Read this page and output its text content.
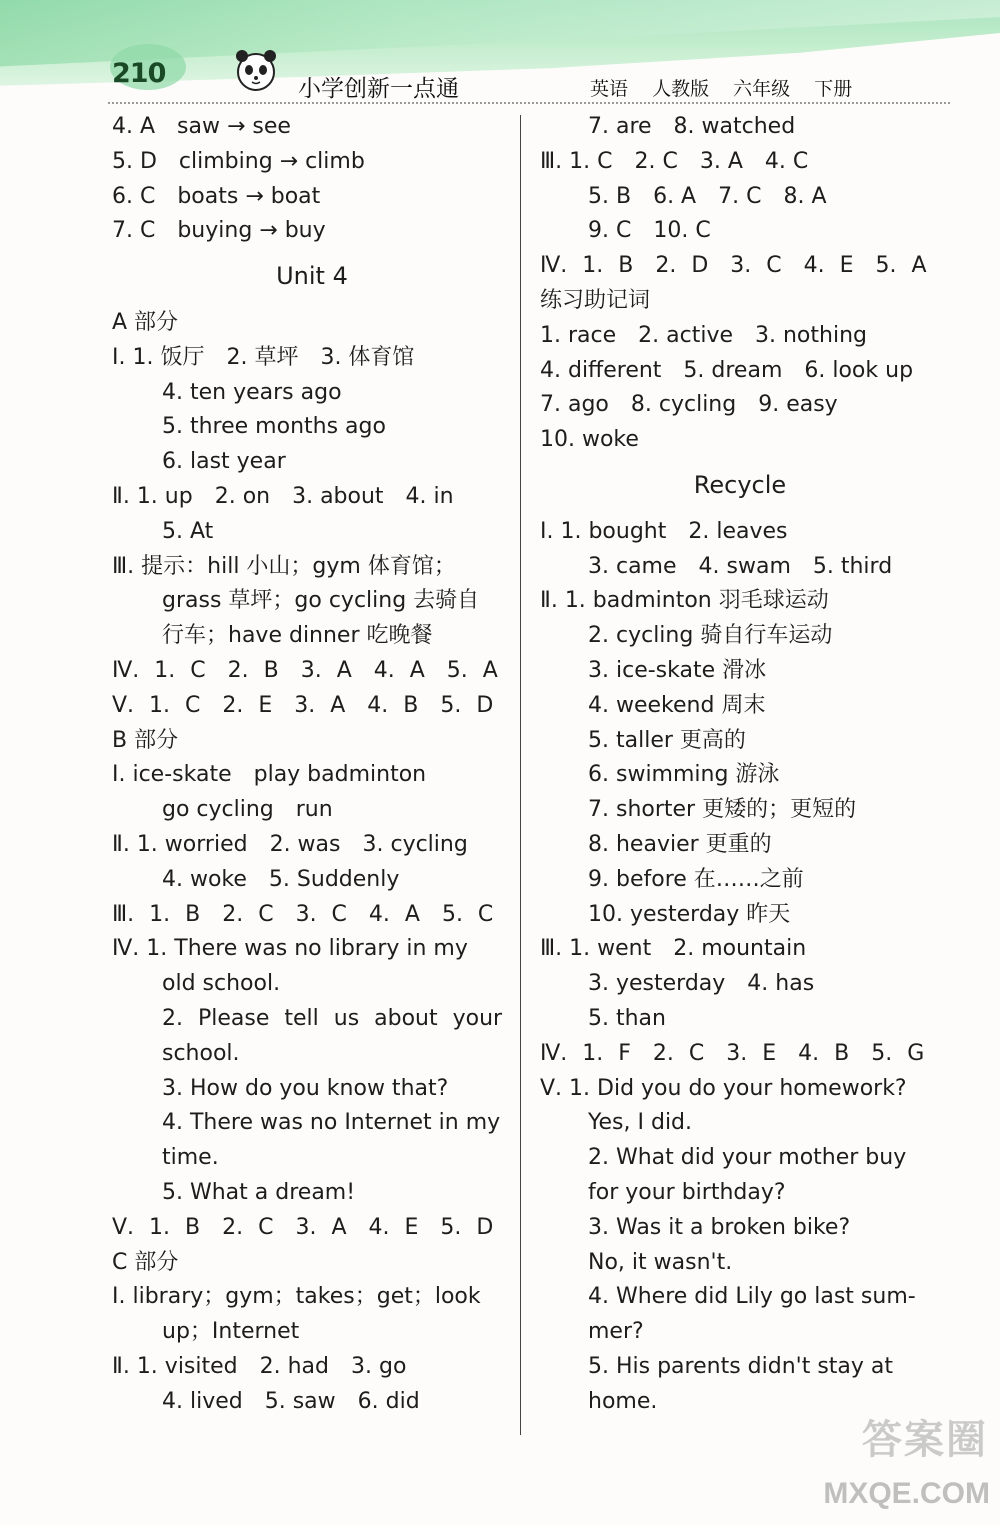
210	小学创新一点通	英语 人教版 六年级 下册
4. A　saw → see
5. D　climbing → climb
6. C　boats → boat
7. C　buying → buy
Unit 4
A 部分
Ⅰ. 1. 饭厅　2. 草坪　3. 体育馆
4. ten years ago
5. three months ago
6. last year
Ⅱ. 1. up　2. on　3. about　4. in
5. At
Ⅲ. 提示：hill 小山；gym 体育馆；
grass 草坪；go cycling 去骑自
行车；have dinner 吃晚餐
Ⅳ. 1. C　2. B　3. A　4. A　5. A
Ⅴ. 1. C　2. E　3. A　4. B　5. D
B 部分
Ⅰ. ice-skate　play badminton
go cycling　run
Ⅱ. 1. worried　2. was　3. cycling
4. woke　5. Suddenly
Ⅲ. 1. B　2. C　3. C　4. A　5. C
Ⅳ. 1. There was no library in my
old school.
2. Please tell us about your
school.
3. How do you know that?
4. There was no Internet in my
time.
5. What a dream!
Ⅴ. 1. B　2. C　3. A　4. E　5. D
C 部分
Ⅰ. library；gym；takes；get；look
up；Internet
Ⅱ. 1. visited　2. had　3. go
4. lived　5. saw　6. did
7. are　8. watched
Ⅲ. 1. C　2. C　3. A　4. C
5. B　6. A　7. C　8. A
9. C　10. C
Ⅳ. 1. B　2. D　3. C　4. E　5. A
练习助记词
1. race　2. active　3. nothing
4. different　5. dream　6. look up
7. ago　8. cycling　9. easy
10. woke
Recycle
Ⅰ. 1. bought　2. leaves
3. came　4. swam　5. third
Ⅱ. 1. badminton 羽毛球运动
2. cycling 骑自行车运动
3. ice-skate 滑冰
4. weekend 周末
5. taller 更高的
6. swimming 游泳
7. shorter 更矮的；更短的
8. heavier 更重的
9. before 在……之前
10. yesterday 昨天
Ⅲ. 1. went　2. mountain
3. yesterday　4. has
5. than
Ⅳ. 1. F　2. C　3. E　4. B　5. G
Ⅴ. 1. Did you do your homework?
Yes, I did.
2. What did your mother buy
for your birthday?
3. Was it a broken bike?
No, it wasn't.
4. Where did Lily go last sum-
mer?
5. His parents didn't stay at
home.
答案圈
MXQE.COM
